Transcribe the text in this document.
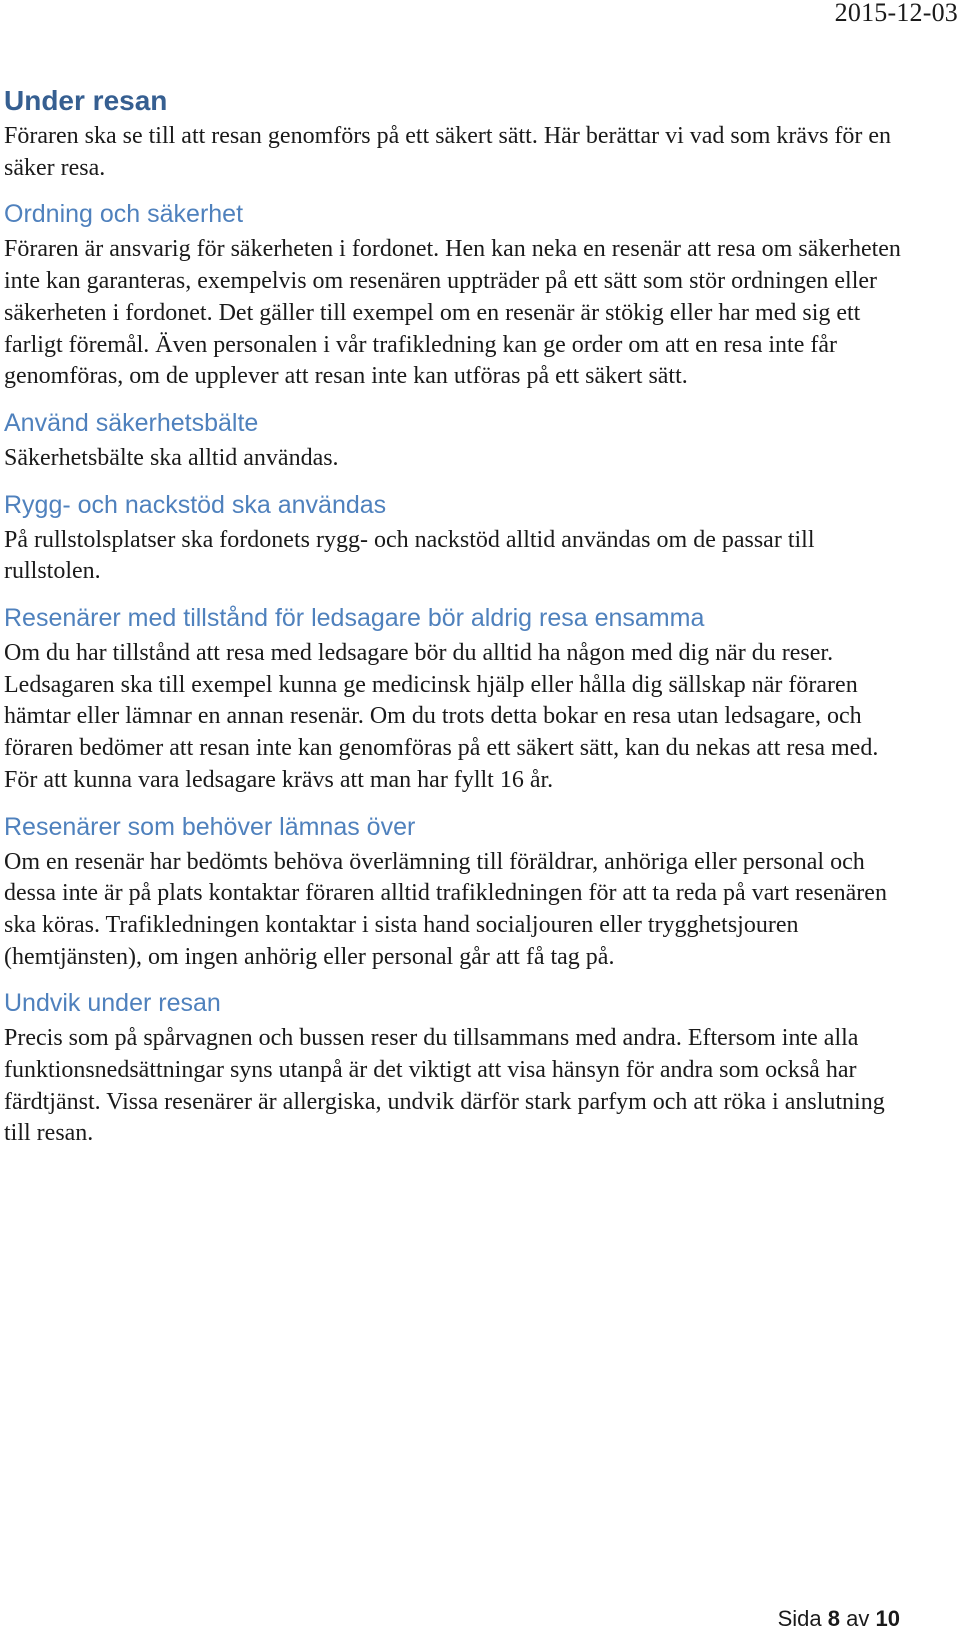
2015-12-03
Under resan

Föraren ska se till att resan genomförs på ett säkert sätt. Här berättar vi vad som krävs för en säker resa.

Ordning och säkerhet

Föraren är ansvarig för säkerheten i fordonet. Hen kan neka en resenär att resa om säkerheten inte kan garanteras, exempelvis om resenären uppträder på ett sätt som stör ordningen eller säkerheten i fordonet. Det gäller till exempel om en resenär är stökig eller har med sig ett farligt föremål. Även personalen i vår trafikledning kan ge order om att en resa inte får genomföras, om de upplever att resan inte kan utföras på ett säkert sätt.

Använd säkerhetsbälte

Säkerhetsbälte ska alltid användas.

Rygg- och nackstöd ska användas

På rullstolsplatser ska fordonets rygg- och nackstöd alltid användas om de passar till rullstolen.

Resenärer med tillstånd för ledsagare bör aldrig resa ensamma

Om du har tillstånd att resa med ledsagare bör du alltid ha någon med dig när du reser. Ledsagaren ska till exempel kunna ge medicinsk hjälp eller hålla dig sällskap när föraren hämtar eller lämnar en annan resenär. Om du trots detta bokar en resa utan ledsagare, och föraren bedömer att resan inte kan genomföras på ett säkert sätt, kan du nekas att resa med. För att kunna vara ledsagare krävs att man har fyllt 16 år.

Resenärer som behöver lämnas över

Om en resenär har bedömts behöva överlämning till föräldrar, anhöriga eller personal och dessa inte är på plats kontaktar föraren alltid trafikledningen för att ta reda på vart resenären ska köras. Trafikledningen kontaktar i sista hand socialjouren eller trygghetsjouren (hemtjänsten), om ingen anhörig eller personal går att få tag på.

Undvik under resan

Precis som på spårvagnen och bussen reser du tillsammans med andra. Eftersom inte alla funktionsnedsättningar syns utanpå är det viktigt att visa hänsyn för andra som också har färdtjänst. Vissa resenärer är allergiska, undvik därför stark parfym och att röka i anslutning till resan.

Sida 8 av 10
